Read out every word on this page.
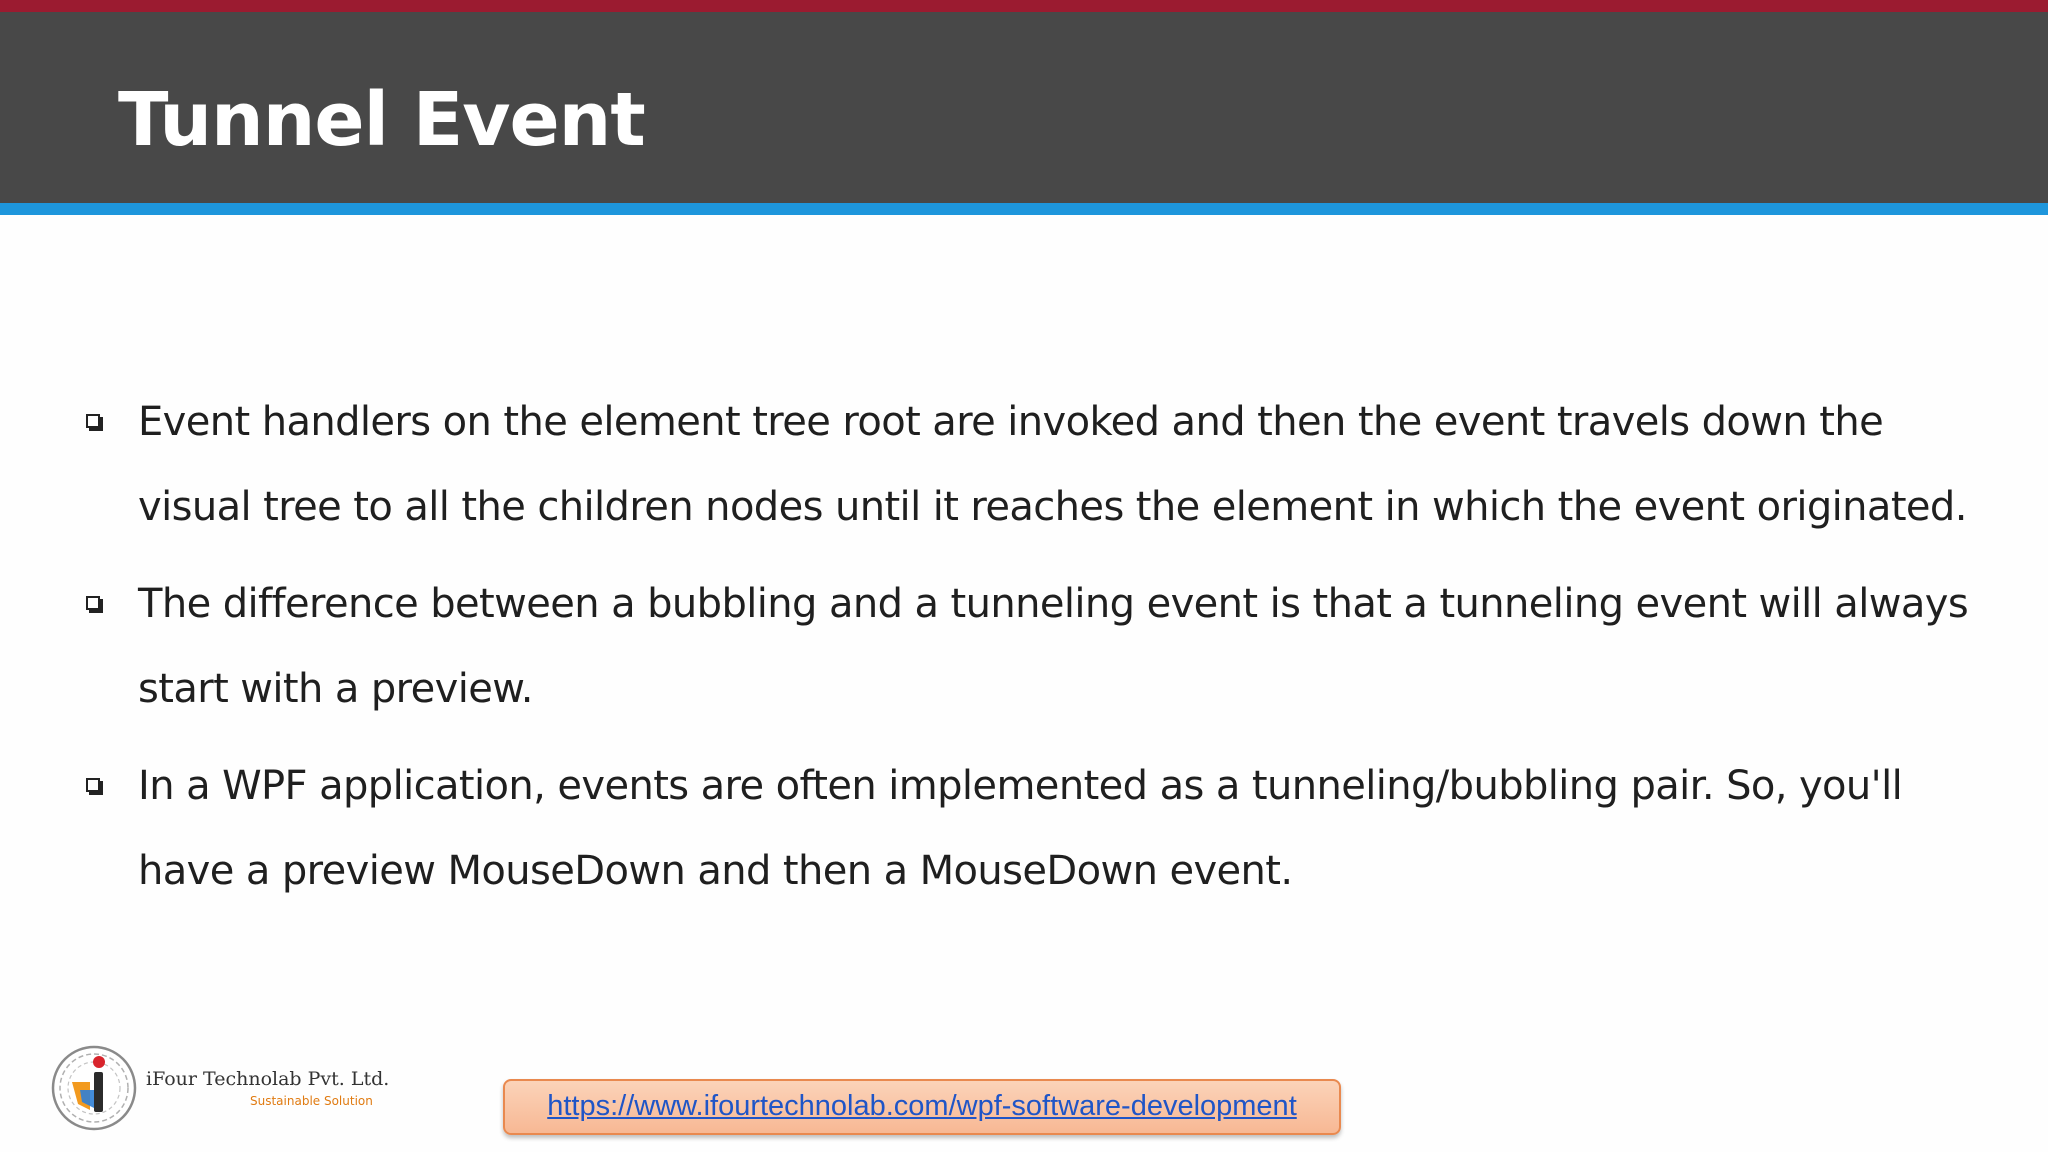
Tunnel Event
Event handlers on the element tree root are invoked and then the event travels down the visual tree to all the children nodes until it reaches the element in which the event originated.
The difference between a bubbling and a tunneling event is that a tunneling event will always start with a preview.
In a WPF application, events are often implemented as a tunneling/bubbling pair. So, you'll have a preview MouseDown and then a MouseDown event.
iFour Technolab Pvt. Ltd.
Sustainable Solution	https://www.ifourtechnolab.com/wpf-software-development
